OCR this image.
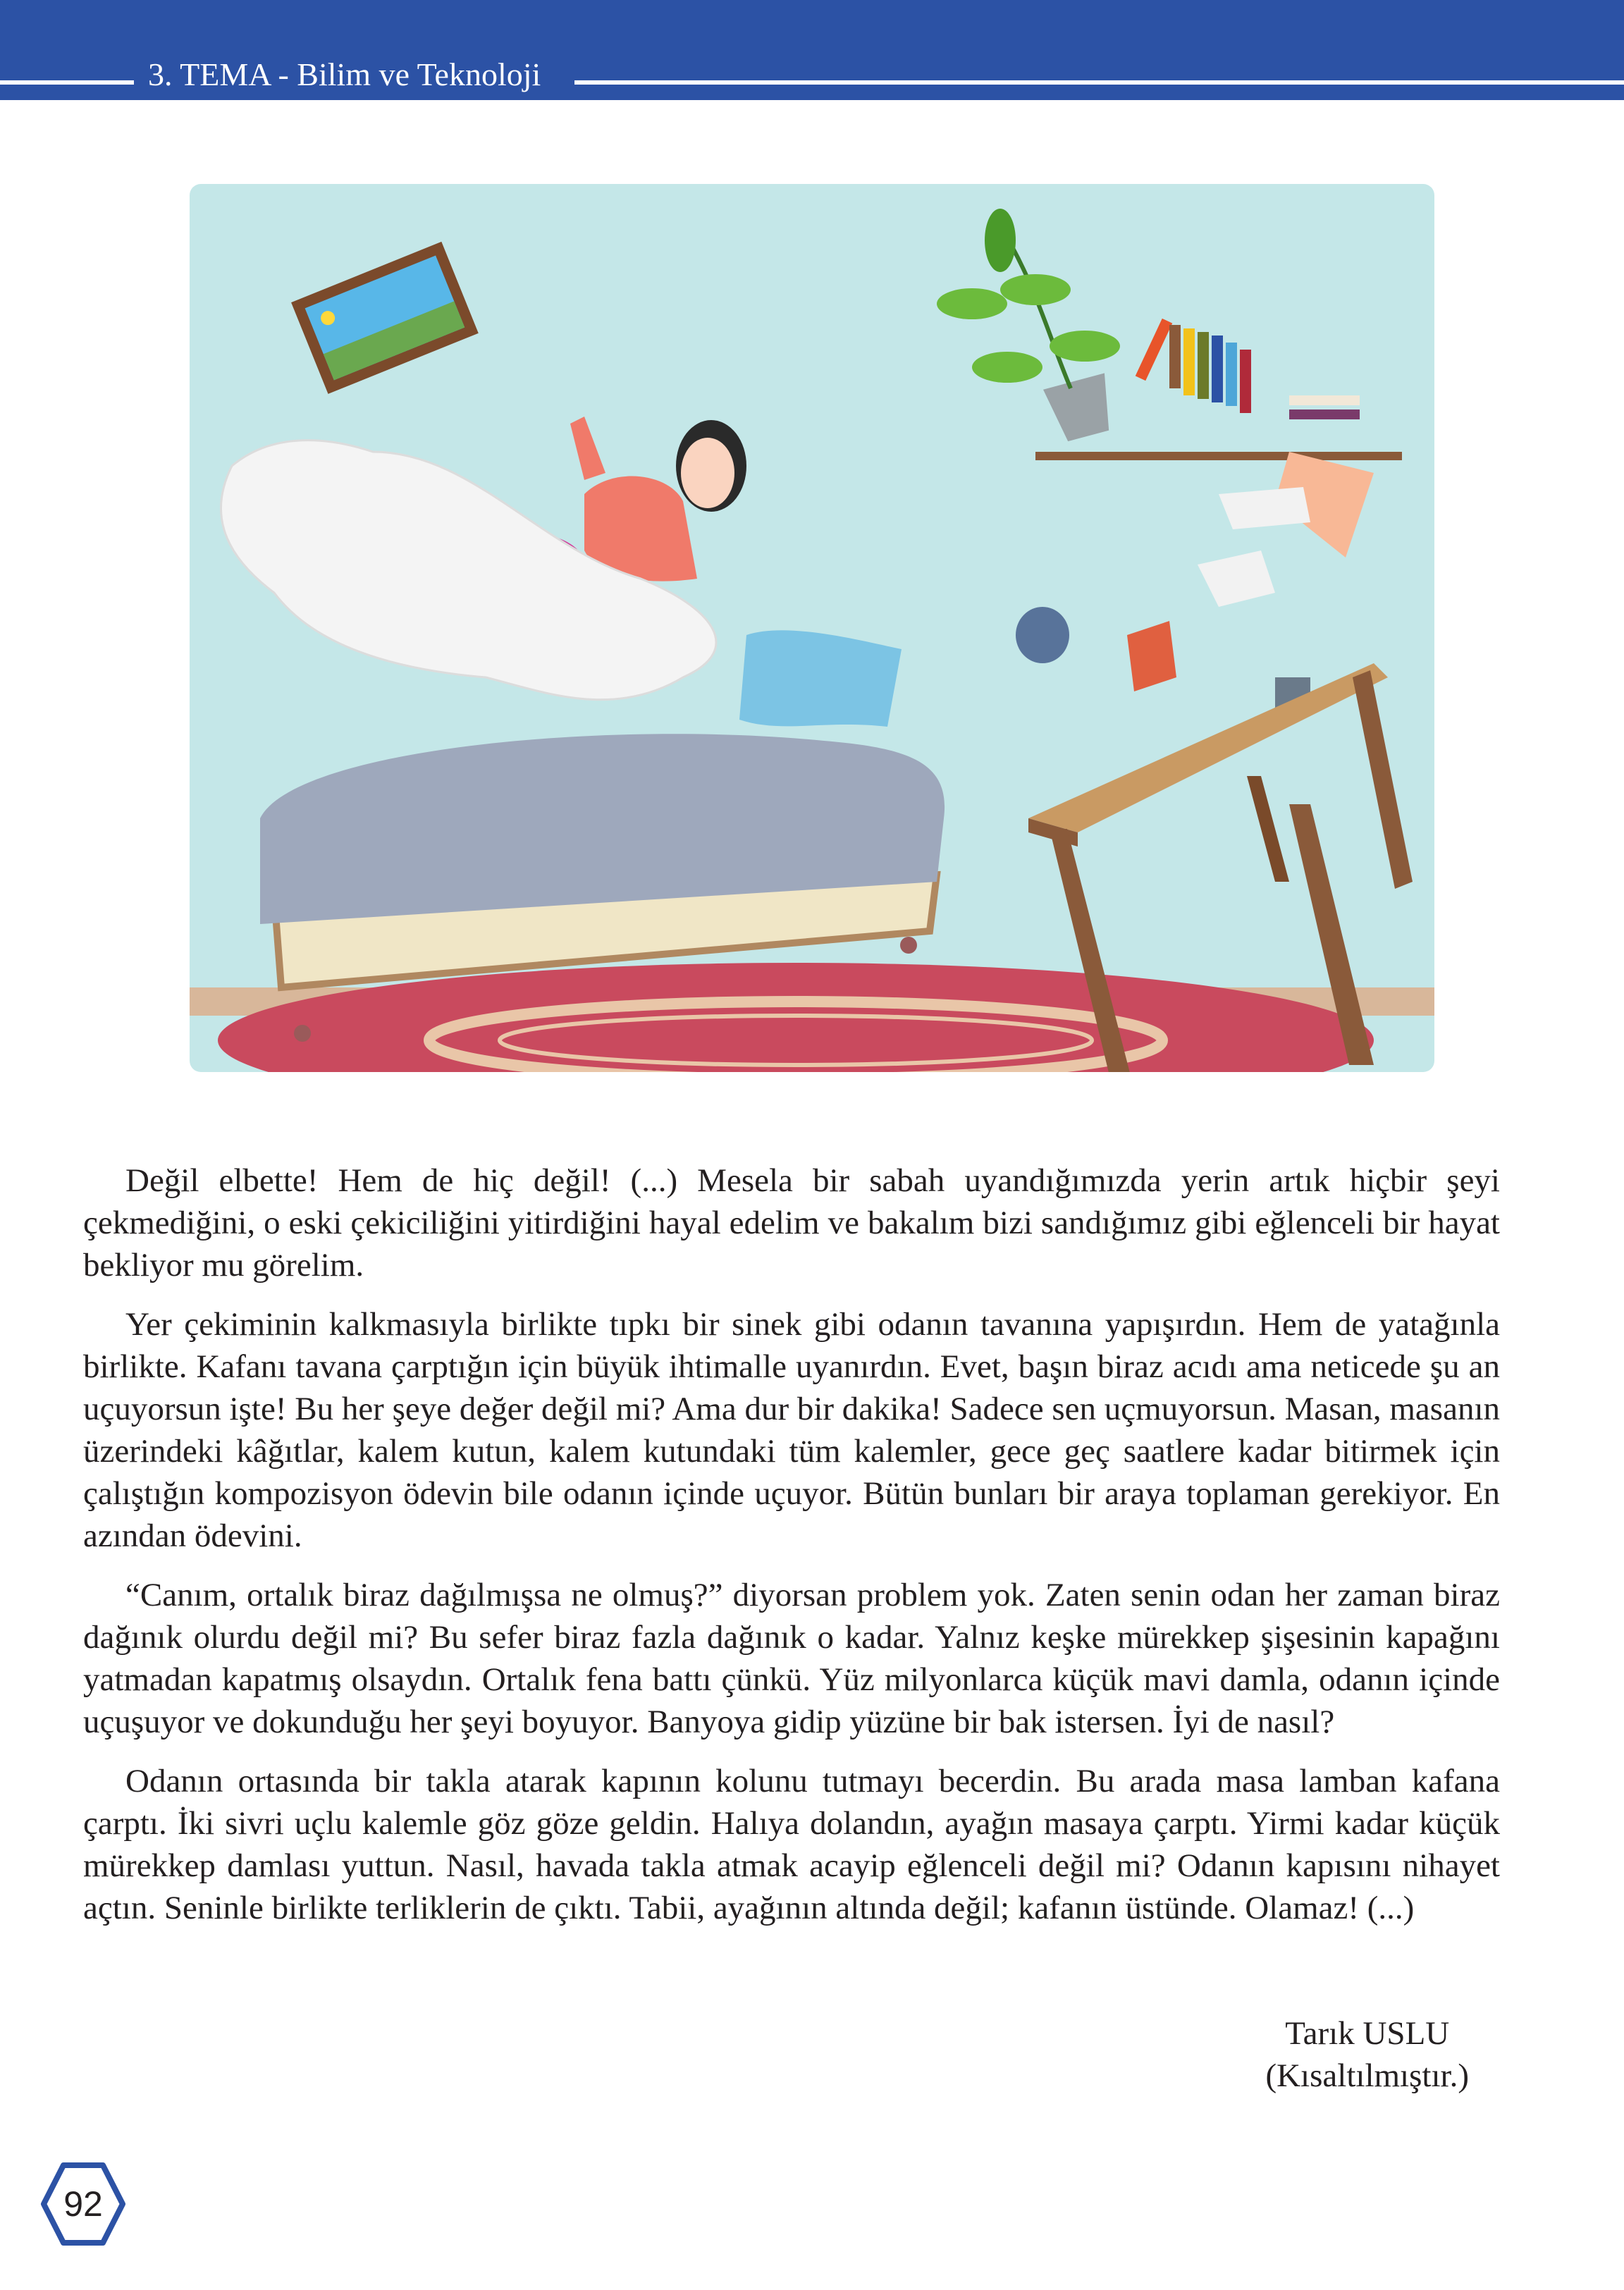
3. TEMA - Bilim ve Teknoloji

Değil elbette! Hem de hiç değil! (...) Mesela bir sabah uyandığımızda yerin artık hiçbir şeyi çekmediğini, o eski çekiciliğini yitirdiğini hayal edelim ve bakalım bizi sandığımız gibi eğlenceli bir hayat bekliyor mu görelim.

Yer çekiminin kalkmasıyla birlikte tıpkı bir sinek gibi odanın tavanına yapışırdın. Hem de yatağınla birlikte. Kafanı tavana çarptığın için büyük ihtimalle uyanırdın. Evet, başın biraz acıdı ama neticede şu an uçuyorsun işte! Bu her şeye değer değil mi? Ama dur bir dakika! Sadece sen uçmuyorsun. Masan, masanın üzerindeki kâğıtlar, kalem kutun, kalem kutundaki tüm kalemler, gece geç saatlere kadar bitirmek için çalıştığın kompozisyon ödevin bile odanın içinde uçuyor. Bütün bunları bir araya toplaman gerekiyor. En azından ödevini.

“Canım, ortalık biraz dağılmışsa ne olmuş?” diyorsan problem yok. Zaten senin odan her zaman biraz dağınık olurdu değil mi? Bu sefer biraz fazla dağınık o kadar. Yalnız keşke mürekkep şişesinin kapağını yatmadan kapatmış olsaydın. Ortalık fena battı çünkü. Yüz milyonlarca küçük mavi damla, odanın içinde uçuşuyor ve dokunduğu her şeyi boyuyor. Banyoya gidip yüzüne bir bak istersen. İyi de nasıl?

Odanın ortasında bir takla atarak kapının kolunu tutmayı becerdin. Bu arada masa lamban kafana çarptı. İki sivri uçlu kalemle göz göze geldin. Halıya dolandın, ayağın masaya çarptı. Yirmi kadar küçük mürekkep damlası yuttun. Nasıl, havada takla atmak acayip eğlenceli değil mi? Odanın kapısını nihayet açtın. Seninle birlikte terliklerin de çıktı. Tabii, ayağının altında değil; kafanın üstünde. Olamaz! (...)

Tarık USLU
(Kısaltılmıştır.)
92
